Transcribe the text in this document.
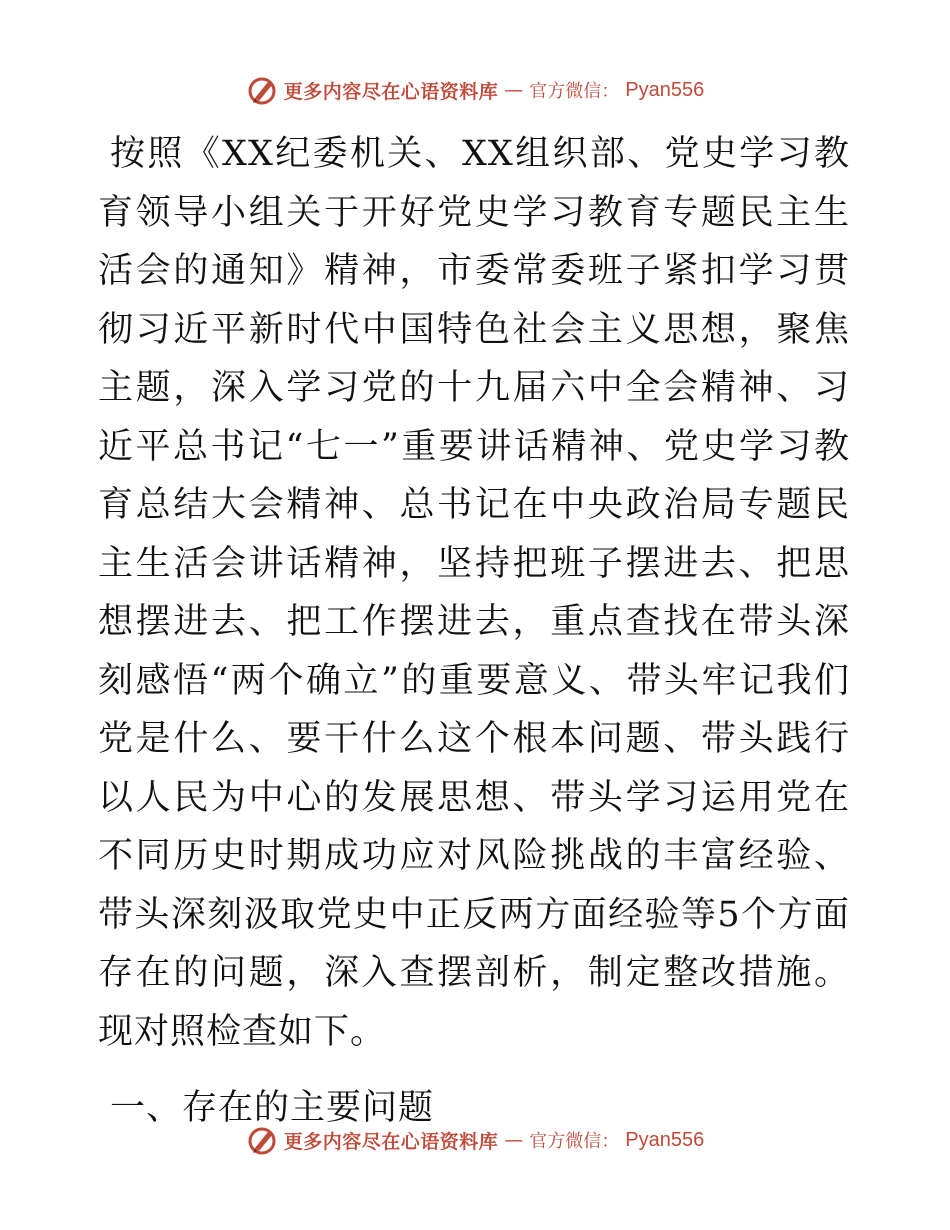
更多内容尽在心语资料库 — 官方微信： Pyan556

按照《XX纪委机关、XX组织部、党史学习教育领导小组关于开好党史学习教育专题民主生活会的通知》精神，市委常委班子紧扣学习贯彻习近平新时代中国特色社会主义思想，聚焦主题，深入学习党的十九届六中全会精神、习近平总书记“七一”重要讲话精神、党史学习教育总结大会精神、总书记在中央政治局专题民主生活会讲话精神，坚持把班子摆进去、把思想摆进去、把工作摆进去，重点查找在带头深刻感悟“两个确立”的重要意义、带头牢记我们党是什么、要干什么这个根本问题、带头践行以人民为中心的发展思想、带头学习运用党在不同历史时期成功应对风险挑战的丰富经验、带头深刻汲取党史中正反两方面经验等5个方面存在的问题，深入查摆剖析，制定整改措施。现对照检查如下。

一、存在的主要问题

更多内容尽在心语资料库 — 官方微信： Pyan556
